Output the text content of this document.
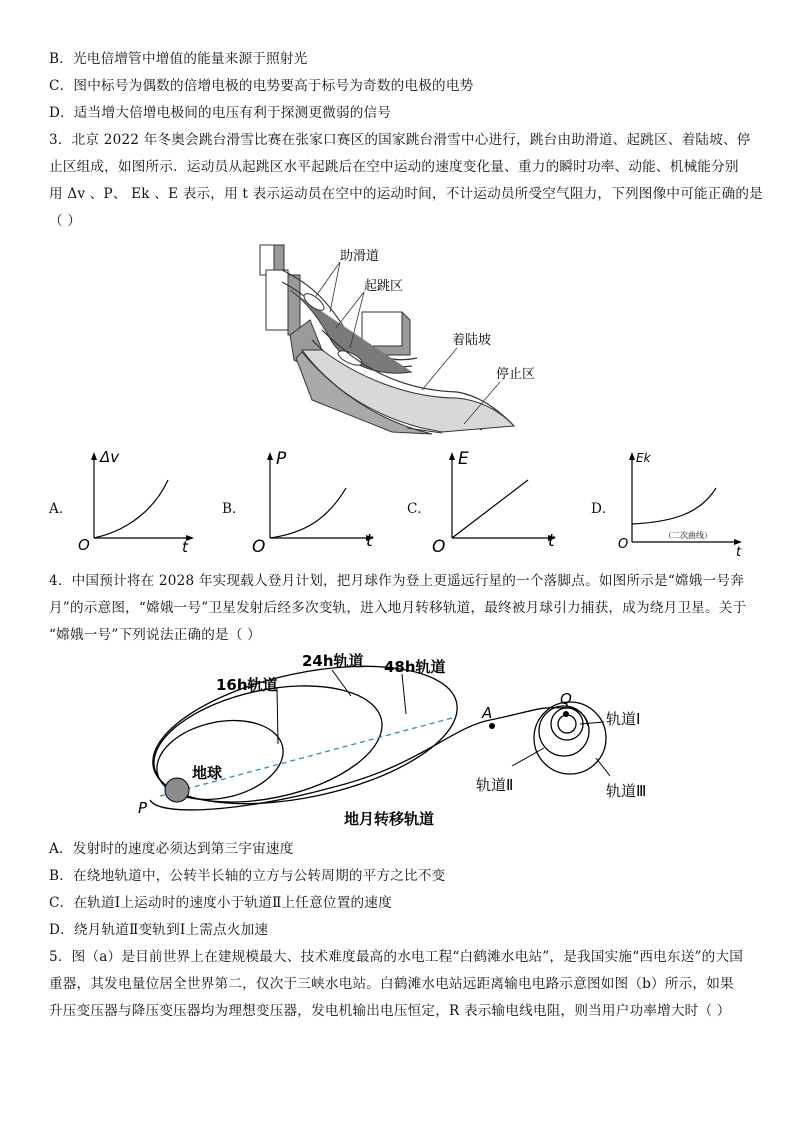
B．光电倍增管中增值的能量来源于照射光
C．图中标号为偶数的倍增电极的电势要高于标号为奇数的电极的电势
D．适当增大倍增电极间的电压有利于探测更微弱的信号
3．北京 2022 年冬奥会跳台滑雪比赛在张家口赛区的国家跳台滑雪中心进行，跳台由助滑道、起跳区、着陆坡、停
止区组成，如图所示．运动员从起跳区水平起跳后在空中运动的速度变化量、重力的瞬时功率、动能、机械能分别
用 Δv 、P、 Ek 、E 表示，用 t 表示运动员在空中的运动时间，不计运动员所受空气阻力，下列图像中可能正确的是
（ ）
助滑道
起跳区
着陆坡
停止区
A．
Δv
O	t
B．
P
O	t
C．
E
O	t
D．
Ek
O
t
（二次曲线）
4．中国预计将在 2028 年实现载人登月计划，把月球作为登上更遥远行星的一个落脚点。如图所示是“嫦娥一号奔
月”的示意图，“嫦娥一号”卫星发射后经多次变轨，进入地月转移轨道，最终被月球引力捕获，成为绕月卫星。关于
“嫦娥一号”下列说法正确的是（ ）
16h轨道
24h轨道 48h轨道
地球
P
A
Q
轨道Ⅰ
轨道Ⅱ	轨道Ⅲ
地月转移轨道
A．发射时的速度必须达到第三宇宙速度
B．在绕地轨道中，公转半长轴的立方与公转周期的平方之比不变
C．在轨道Ⅰ上运动时的速度小于轨道Ⅱ上任意位置的速度
D．绕月轨道Ⅱ变轨到Ⅰ上需点火加速
5．图（a）是目前世界上在建规模最大、技术难度最高的水电工程“白鹤滩水电站”，是我国实施“西电东送”的大国
重器，其发电量位居全世界第二，仅次于三峡水电站。白鹤滩水电站远距离输电电路示意图如图（b）所示，如果
升压变压器与降压变压器均为理想变压器，发电机输出电压恒定，R 表示输电线电阻，则当用户功率增大时（ ）
